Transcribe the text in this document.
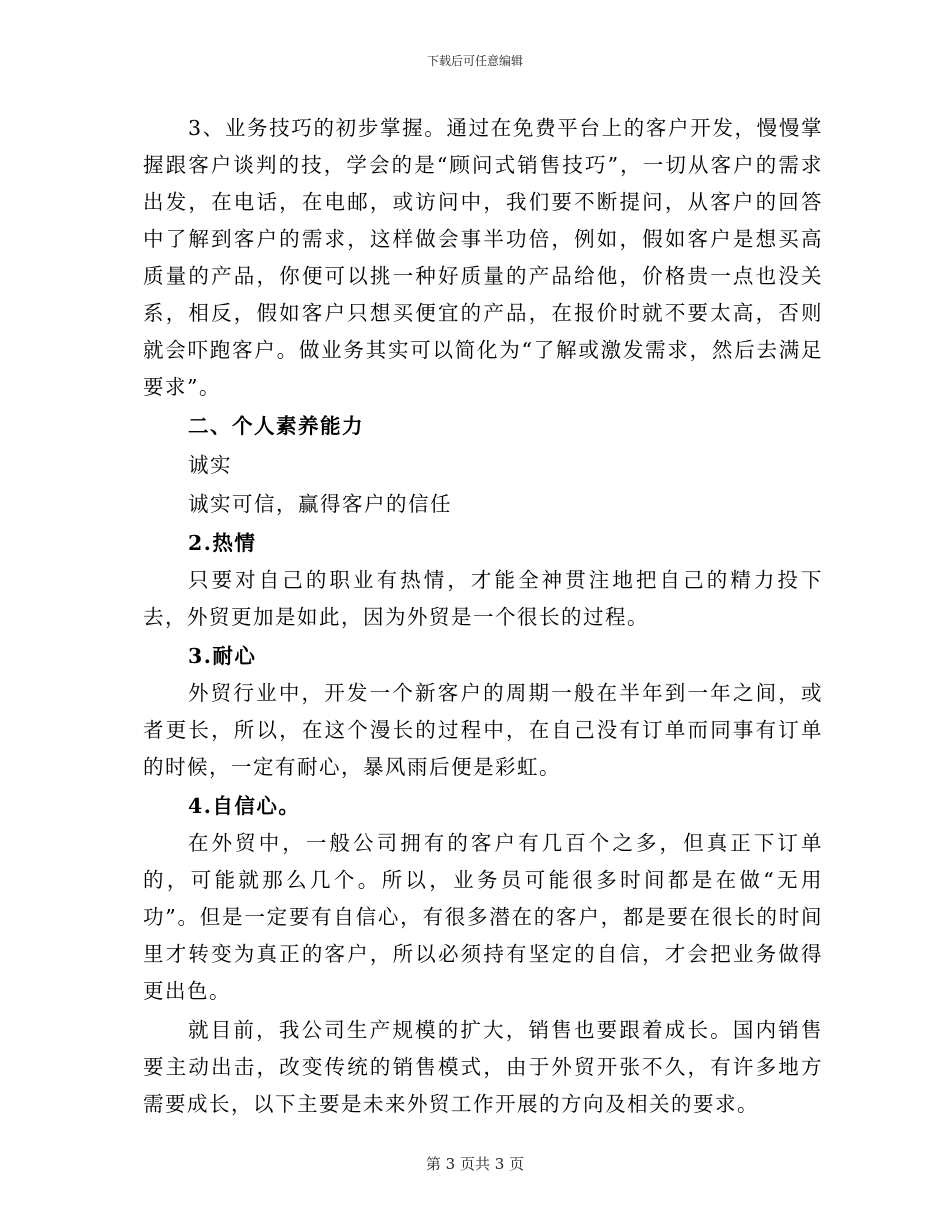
下载后可任意编辑

3、业务技巧的初步掌握。通过在免费平台上的客户开发，慢慢掌握跟客户谈判的技，学会的是“顾问式销售技巧”，一切从客户的需求出发，在电话，在电邮，或访问中，我们要不断提问，从客户的回答中了解到客户的需求，这样做会事半功倍，例如，假如客户是想买高质量的产品，你便可以挑一种好质量的产品给他，价格贵一点也没关系，相反，假如客户只想买便宜的产品，在报价时就不要太高，否则就会吓跑客户。做业务其实可以简化为“了解或激发需求，然后去满足要求”。

二、个人素养能力

诚实

诚实可信，赢得客户的信任

2.热情

只要对自己的职业有热情，才能全神贯注地把自己的精力投下去，外贸更加是如此，因为外贸是一个很长的过程。

3.耐心

外贸行业中，开发一个新客户的周期一般在半年到一年之间，或者更长，所以，在这个漫长的过程中，在自己没有订单而同事有订单的时候，一定有耐心，暴风雨后便是彩虹。

4.自信心。

在外贸中，一般公司拥有的客户有几百个之多，但真正下订单的，可能就那么几个。所以，业务员可能很多时间都是在做“无用功”。但是一定要有自信心，有很多潜在的客户，都是要在很长的时间里才转变为真正的客户，所以必须持有坚定的自信，才会把业务做得更出色。

就目前，我公司生产规模的扩大，销售也要跟着成长。国内销售要主动出击，改变传统的销售模式，由于外贸开张不久，有许多地方需要成长，以下主要是未来外贸工作开展的方向及相关的要求。

第 3 页共 3 页
